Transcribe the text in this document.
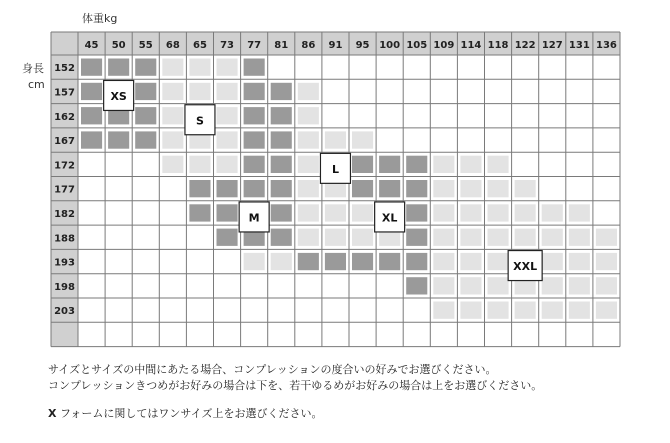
体重kg
身長
cm
45 50 55 68 65 73 77 81 86 91 95 100 105 109 114 118 122 127 131 136
152
157
162
167
172
177
182
188
193
198
203
XS
S
L
M	XL
XXL
サイズとサイズの中間にあたる場合、コンプレッションの度合いの好みでお選びください。
コンプレッションきつめがお好みの場合は下を、若干ゆるめがお好みの場合は上をお選びください。
X フォームに関してはワンサイズ上をお選びください。
